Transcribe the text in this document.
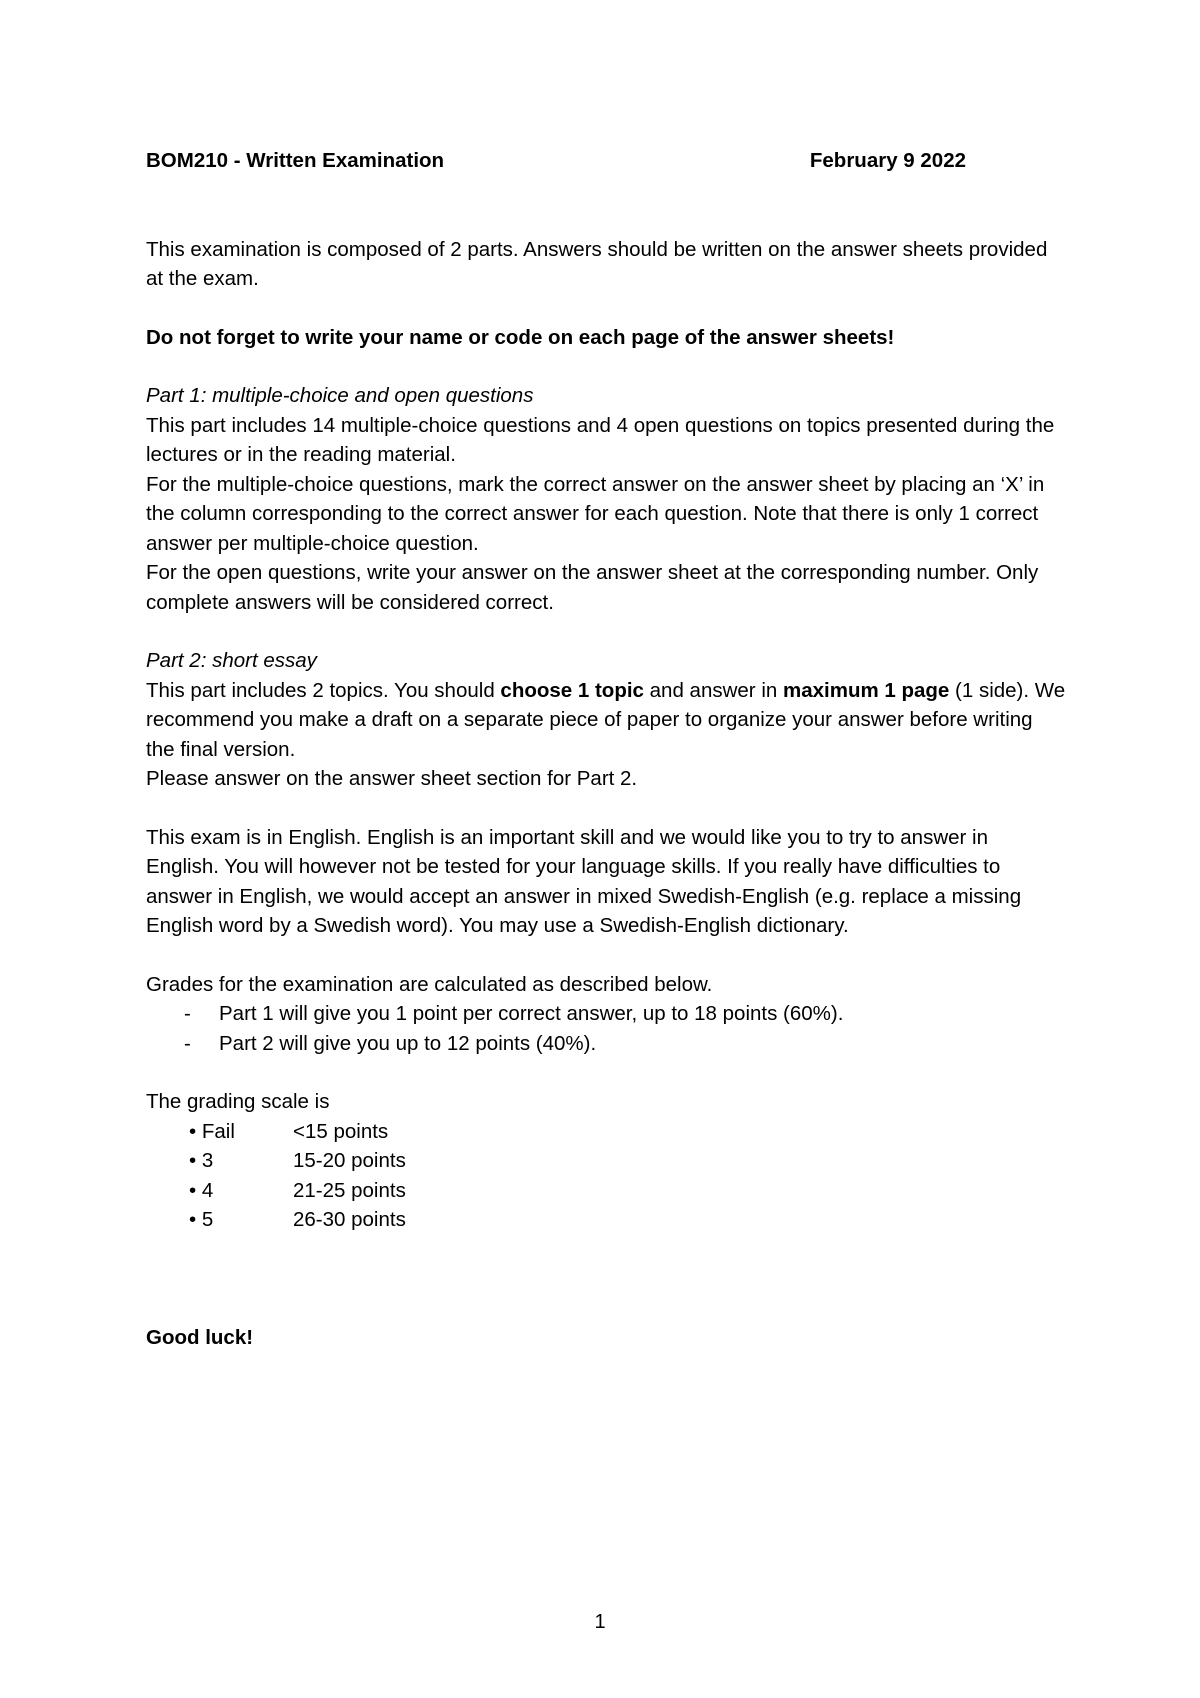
BOM210 - Written Examination	February 9 2022

This examination is composed of 2 parts. Answers should be written on the answer sheets provided at the exam.

Do not forget to write your name or code on each page of the answer sheets!

Part 1: multiple-choice and open questions

This part includes 14 multiple-choice questions and 4 open questions on topics presented during the lectures or in the reading material.

For the multiple-choice questions, mark the correct answer on the answer sheet by placing an ‘X’ in the column corresponding to the correct answer for each question. Note that there is only 1 correct answer per multiple-choice question.

For the open questions, write your answer on the answer sheet at the corresponding number. Only complete answers will be considered correct.

Part 2: short essay

This part includes 2 topics. You should choose 1 topic and answer in maximum 1 page (1 side). We recommend you make a draft on a separate piece of paper to organize your answer before writing the final version.

Please answer on the answer sheet section for Part 2.

This exam is in English. English is an important skill and we would like you to try to answer in English. You will however not be tested for your language skills. If you really have difficulties to answer in English, we would accept an answer in mixed Swedish-English (e.g. replace a missing English word by a Swedish word). You may use a Swedish-English dictionary.

Grades for the examination are calculated as described below.

- Part 1 will give you 1 point per correct answer, up to 18 points (60%).
- Part 2 will give you up to 12 points (40%).

The grading scale is

• Fail	<15 points
• 3	15-20 points
• 4	21-25 points
• 5	26-30 points

Good luck!

1
